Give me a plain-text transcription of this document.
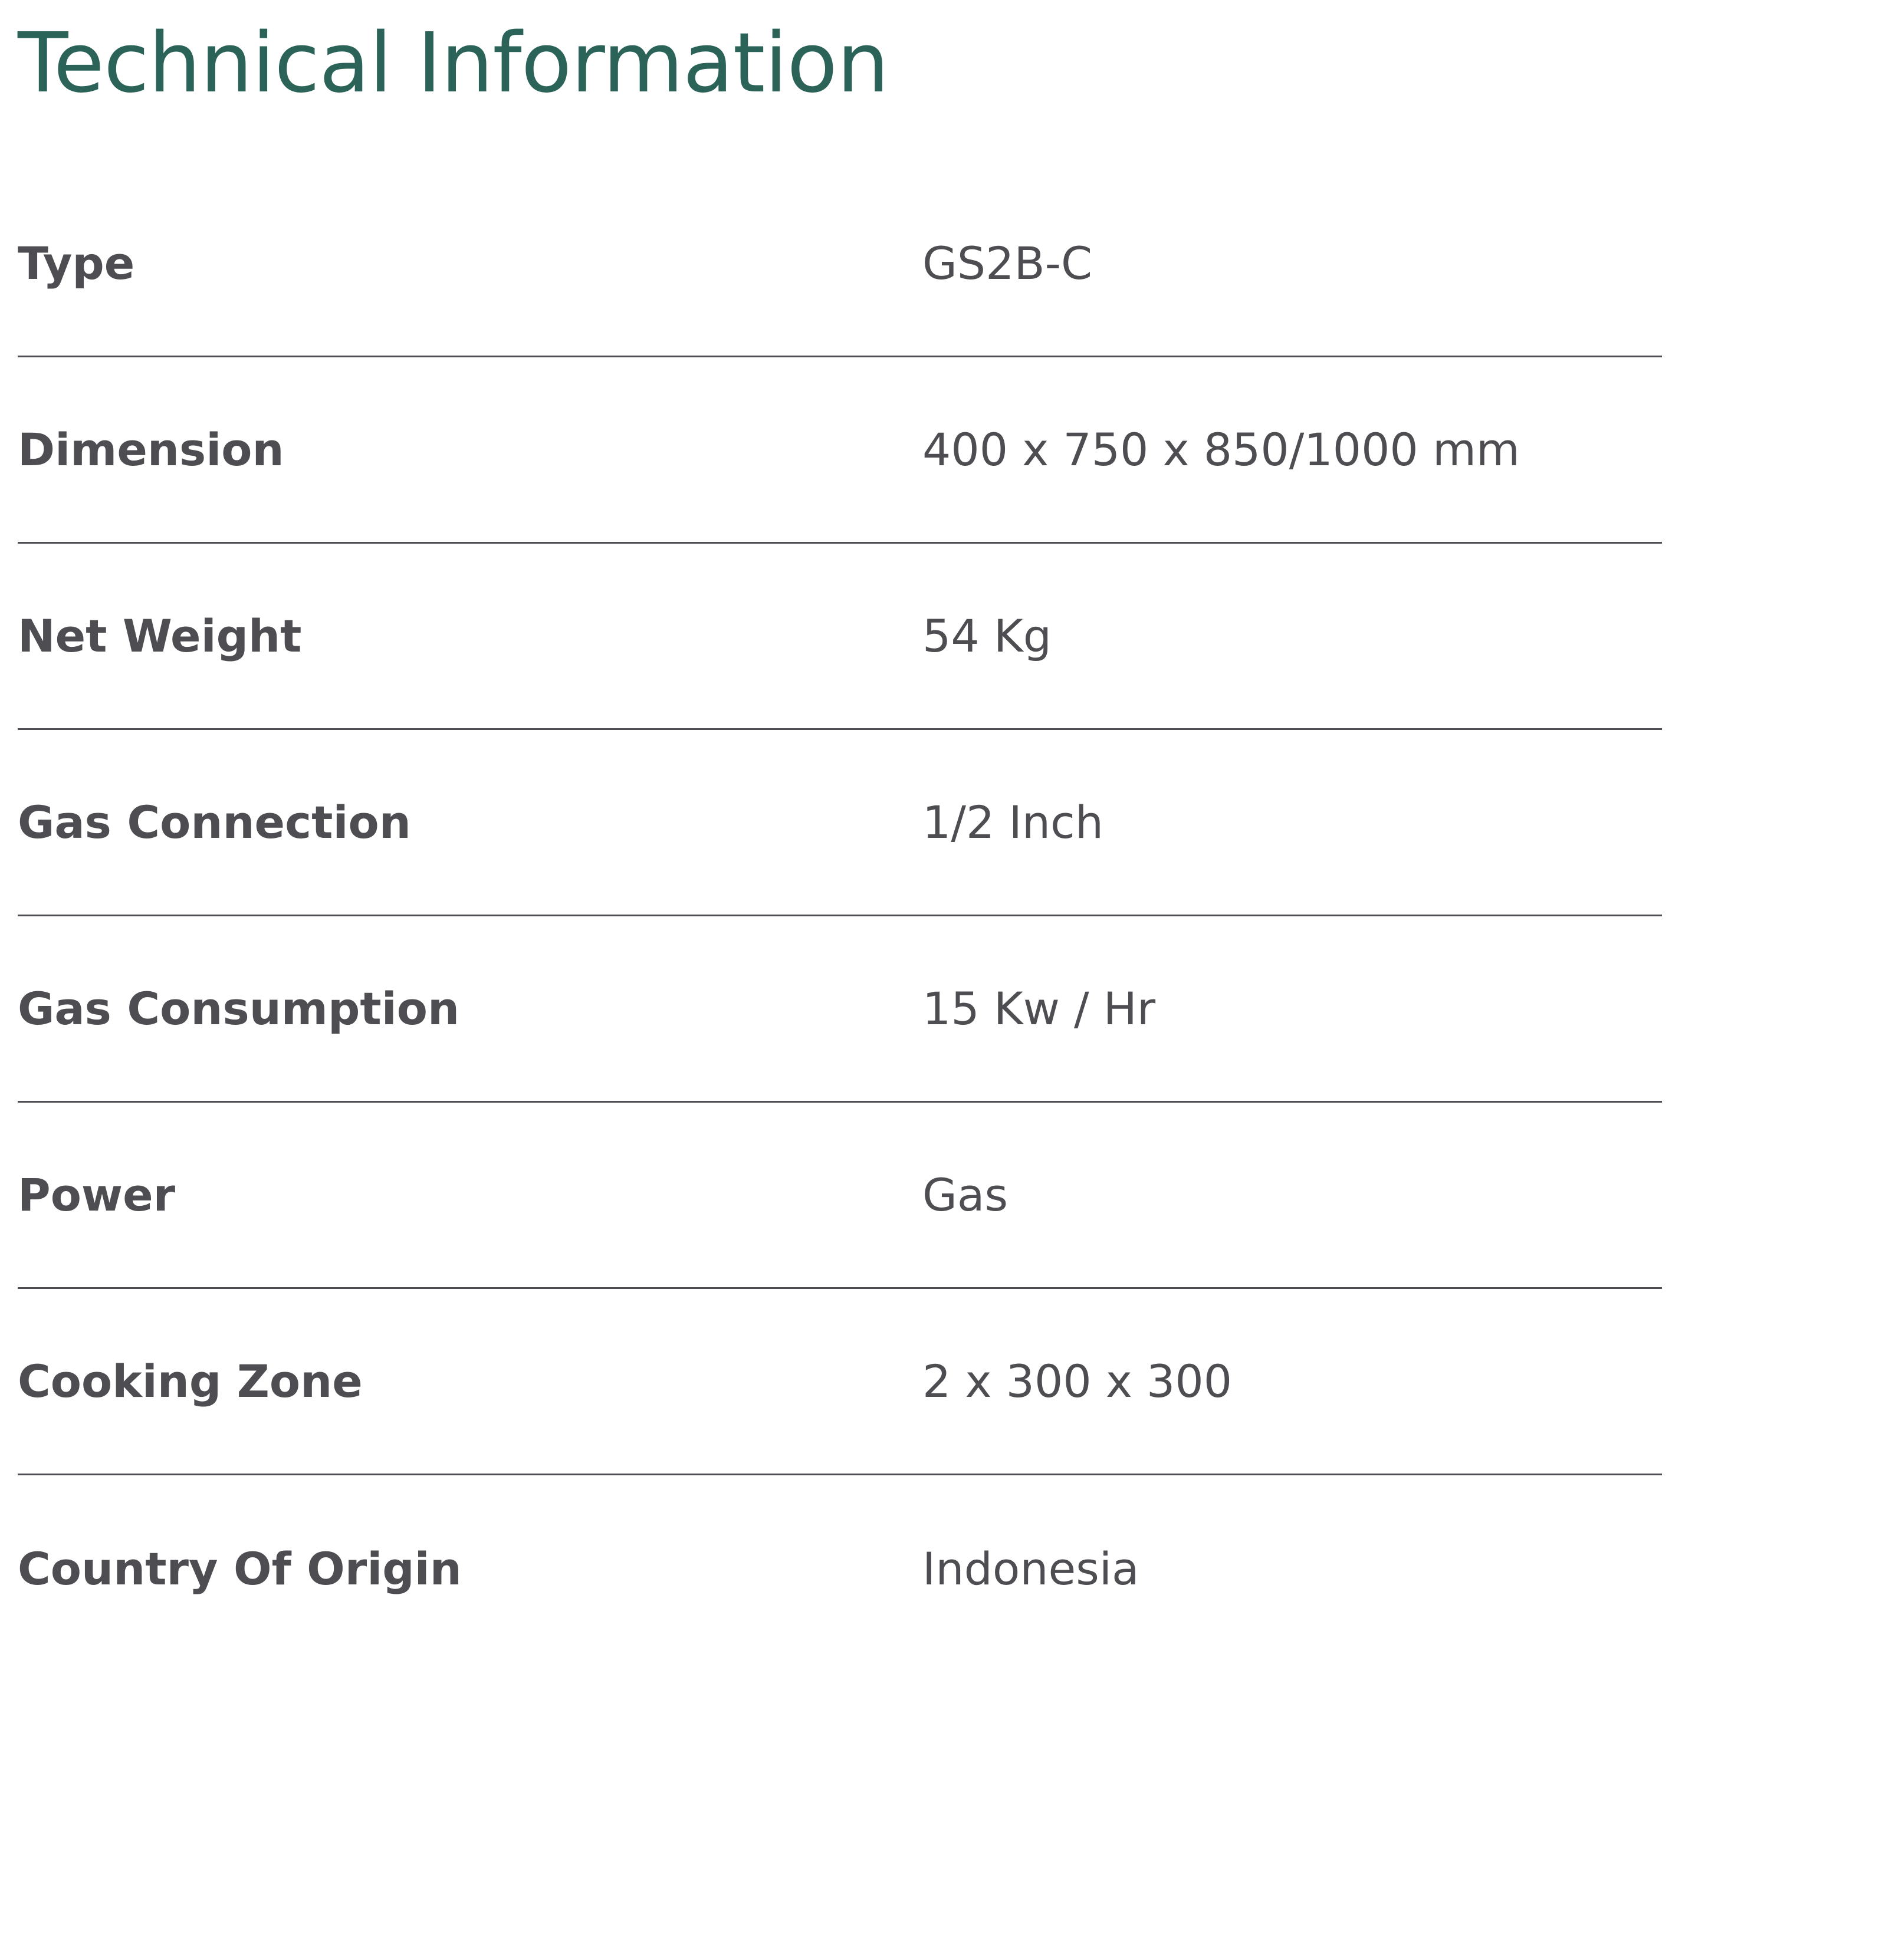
Technical Information
Type	GS2B-C
Dimension	400 x 750 x 850/1000 mm
Net Weight	54 Kg
Gas Connection	1/2 Inch
Gas Consumption	15 Kw / Hr
Power	Gas
Cooking Zone	2 x 300 x 300
Country Of Origin	Indonesia
